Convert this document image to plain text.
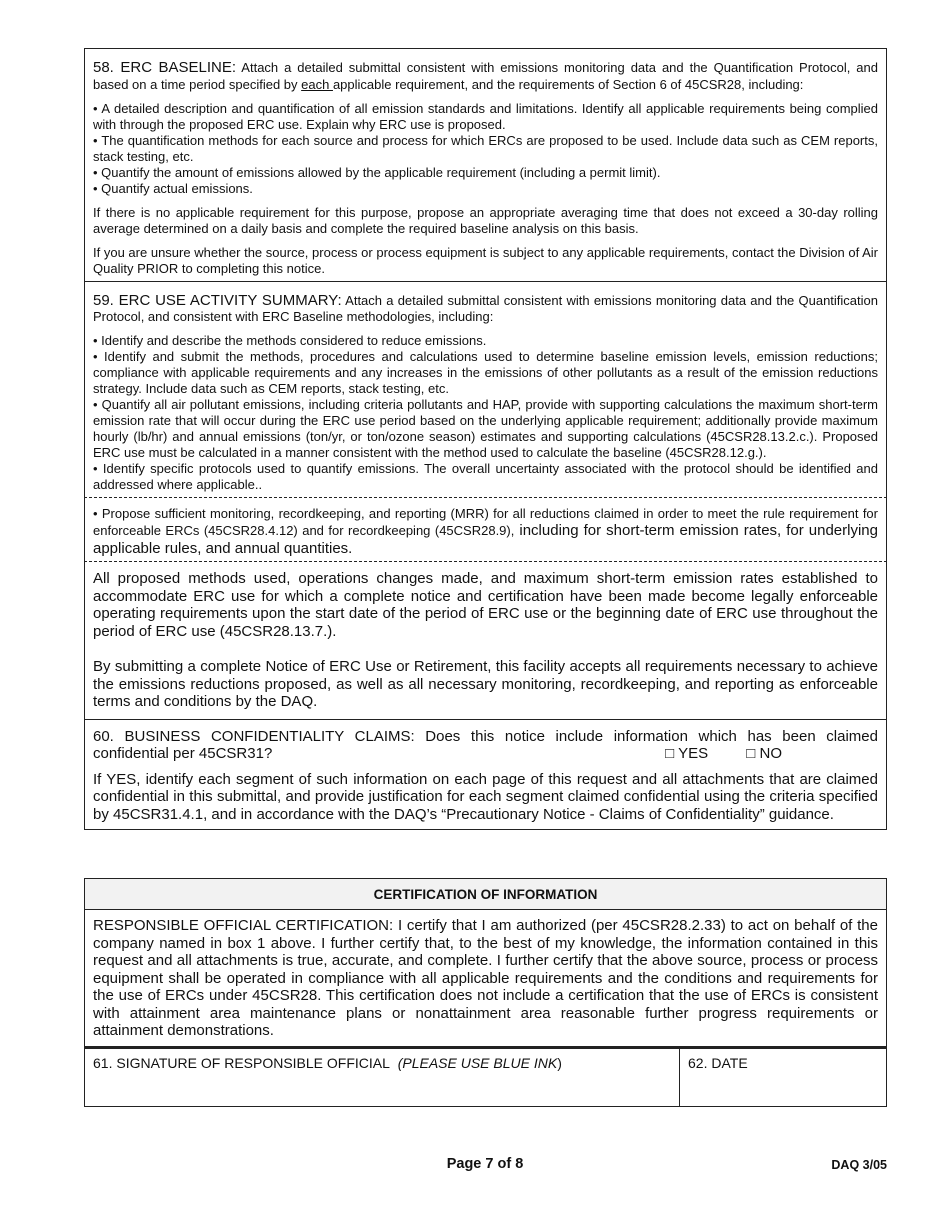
58. ERC BASELINE: Attach a detailed submittal consistent with emissions monitoring data and the Quantification Protocol, and based on a time period specified by each applicable requirement, and the requirements of Section 6 of 45CSR28, including:

• A detailed description and quantification of all emission standards and limitations. Identify all applicable requirements being complied with through the proposed ERC use. Explain why ERC use is proposed.

• The quantification methods for each source and process for which ERCs are proposed to be used. Include data such as CEM reports, stack testing, etc.

• Quantify the amount of emissions allowed by the applicable requirement (including a permit limit).

• Quantify actual emissions.

If there is no applicable requirement for this purpose, propose an appropriate averaging time that does not exceed a 30-day rolling average determined on a daily basis and complete the required baseline analysis on this basis.

If you are unsure whether the source, process or process equipment is subject to any applicable requirements, contact the Division of Air Quality PRIOR to completing this notice.

59. ERC USE ACTIVITY SUMMARY: Attach a detailed submittal consistent with emissions monitoring data and the Quantification Protocol, and consistent with ERC Baseline methodologies, including:

• Identify and describe the methods considered to reduce emissions.

• Identify and submit the methods, procedures and calculations used to determine baseline emission levels, emission reductions; compliance with applicable requirements and any increases in the emissions of other pollutants as a result of the emission reductions strategy. Include data such as CEM reports, stack testing, etc.

• Quantify all air pollutant emissions, including criteria pollutants and HAP, provide with supporting calculations the maximum short-term emission rate that will occur during the ERC use period based on the underlying applicable requirement; additionally provide maximum hourly (lb/hr) and annual emissions (ton/yr, or ton/ozone season) estimates and supporting calculations (45CSR28.13.2.c.). Proposed ERC use must be calculated in a manner consistent with the method used to calculate the baseline (45CSR28.12.g.).

• Identify specific protocols used to quantify emissions. The overall uncertainty associated with the protocol should be identified and addressed where applicable..

• Propose sufficient monitoring, recordkeeping, and reporting (MRR) for all reductions claimed in order to meet the rule requirement for enforceable ERCs (45CSR28.4.12) and for recordkeeping (45CSR28.9), including for short-term emission rates, for underlying applicable rules, and annual quantities.

All proposed methods used, operations changes made, and maximum short-term emission rates established to accommodate ERC use for which a complete notice and certification have been made become legally enforceable operating requirements upon the start date of the period of ERC use or the beginning date of ERC use throughout the period of ERC use (45CSR28.13.7.).

By submitting a complete Notice of ERC Use or Retirement, this facility accepts all requirements necessary to achieve the emissions reductions proposed, as well as all necessary monitoring, recordkeeping, and reporting as enforceable terms and conditions by the DAQ.

60. BUSINESS CONFIDENTIALITY CLAIMS: Does this notice include information which has been claimed confidential per 45CSR31?	□ YES	□ NO

If YES, identify each segment of such information on each page of this request and all attachments that are claimed confidential in this submittal, and provide justification for each segment claimed confidential using the criteria specified by 45CSR31.4.1, and in accordance with the DAQ’s “Precautionary Notice - Claims of Confidentiality” guidance.

CERTIFICATION OF INFORMATION

RESPONSIBLE OFFICIAL CERTIFICATION: I certify that I am authorized (per 45CSR28.2.33) to act on behalf of the company named in box 1 above. I further certify that, to the best of my knowledge, the information contained in this request and all attachments is true, accurate, and complete. I further certify that the above source, process or process equipment shall be operated in compliance with all applicable requirements and the conditions and requirements for the use of ERCs under 45CSR28. This certification does not include a certification that the use of ERCs is consistent with attainment area maintenance plans or nonattainment area reasonable further progress requirements or attainment demonstrations.

61. SIGNATURE OF RESPONSIBLE OFFICIAL (PLEASE USE BLUE INK)	62. DATE
Page 7 of 8	DAQ 3/05
